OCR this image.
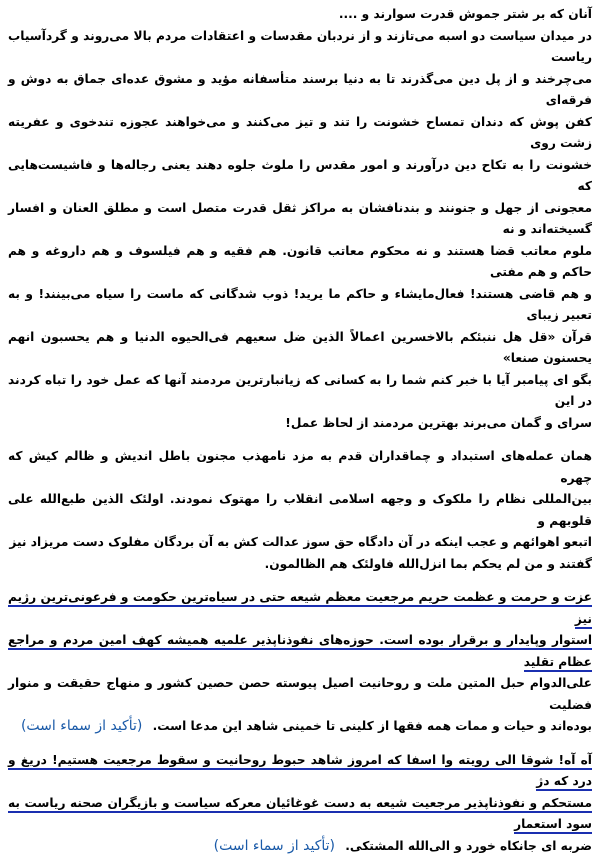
آنان که بر شتر جموش قدرت سوارند و ....
در میدان سیاست دو اسبه می‌تازند و از نردبان مقدسات و اعتقادات مردم بالا می‌روند و گردآسیاب ریاست
می‌چرخند و از پل دین می‌گذرند تا به دنیا برسند متأسفانه مؤید و مشوق عده‌ای جماق به دوش و فرقه‌ای
کفن پوش که دندان تمساح خشونت را تند و تیز می‌کنند و می‌خواهند عجوزه تندخوی و عفریته زشت روی
خشونت را به تکاح دین درآورند و امور مقدس را ملوث جلوه دهند یعنی رجاله‌ها و فاشیست‌هایی که
معجونی از جهل و جنونند و بندنافشان به مراکز ثقل قدرت متصل است و مطلق العنان و افسار گسیخته‌اند و نه
ملوم معاتب قضا هستند و نه محکوم معاتب قانون. هم فقیه و هم فیلسوف و هم داروغه و هم حاکم و هم مفتی
و هم قاضی هستند! فعال‌مایشاء و حاکم ما یرید! ذوب شدگانی که ماست را سیاه می‌بینند! و به تعبیر زیبای
قرآن «قل هل ننبئکم بالاخسرین اعمالاً الذین ضل سعیهم فی‌الحیوه الدنیا و هم یحسبون انهم یحسنون صنعا»
بگو ای پیامبر آیا با خبر کنم شما را به کسانی که زیانبارترین مردمند آنها که عمل خود را تباه کردند در این
سرای و گمان می‌برند بهترین مردمند از لحاظ عمل!

همان عمله‌های استبداد و چماقداران قدم به مزد نامهذب مجنون باطل اندیش و ظالم کیش که چهره
بین‌المللی نظام را ملکوک و وجهه اسلامی انقلاب را مهتوک نمودند. اولئک الذین طبع‌الله علی قلوبهم و
اتبعو اهوائهم و عجب اینکه در آن دادگاه حق سوز عدالت کش به آن بردگان مفلوک دست مریزاد نیز
گفتند و من لم یحکم بما انزل‌الله فاولئک هم الظالمون.

عزت و حرمت و عظمت حریم مرجعیت معظم شیعه حتی در سیاه‌ترین حکومت و فرعونی‌ترین رژیم نیز
استوار وپایدار و برقرار بوده است. حوزه‌های نفوذناپذیر علمیه همیشه کهف امین مردم و مراجع عظام تقلید
علی‌الدوام حبل المتین ملت و روحانیت اصیل پیوسته حصن حصین کشور و منهاج حقیقت و منوار فضلیت
بوده‌اند و حیات و ممات همه فقها از کلینی تا خمینی شاهد این مدعا است. (تأکید از سماء است)

آه آه! شوقا الی رویته وا اسفا که امروز شاهد حبوط روحانیت و سقوط مرجعیت هستیم! دریغ و درد که دژ
مستحکم و نفوذناپذیر مرجعیت شیعه به دست غوغائیان معرکه سیاست و بازیگران صحنه ریاست به سود استعمار
ضربه ای جانکاه خورد و الی‌الله المشتکی. (تأکید از سماء است)
